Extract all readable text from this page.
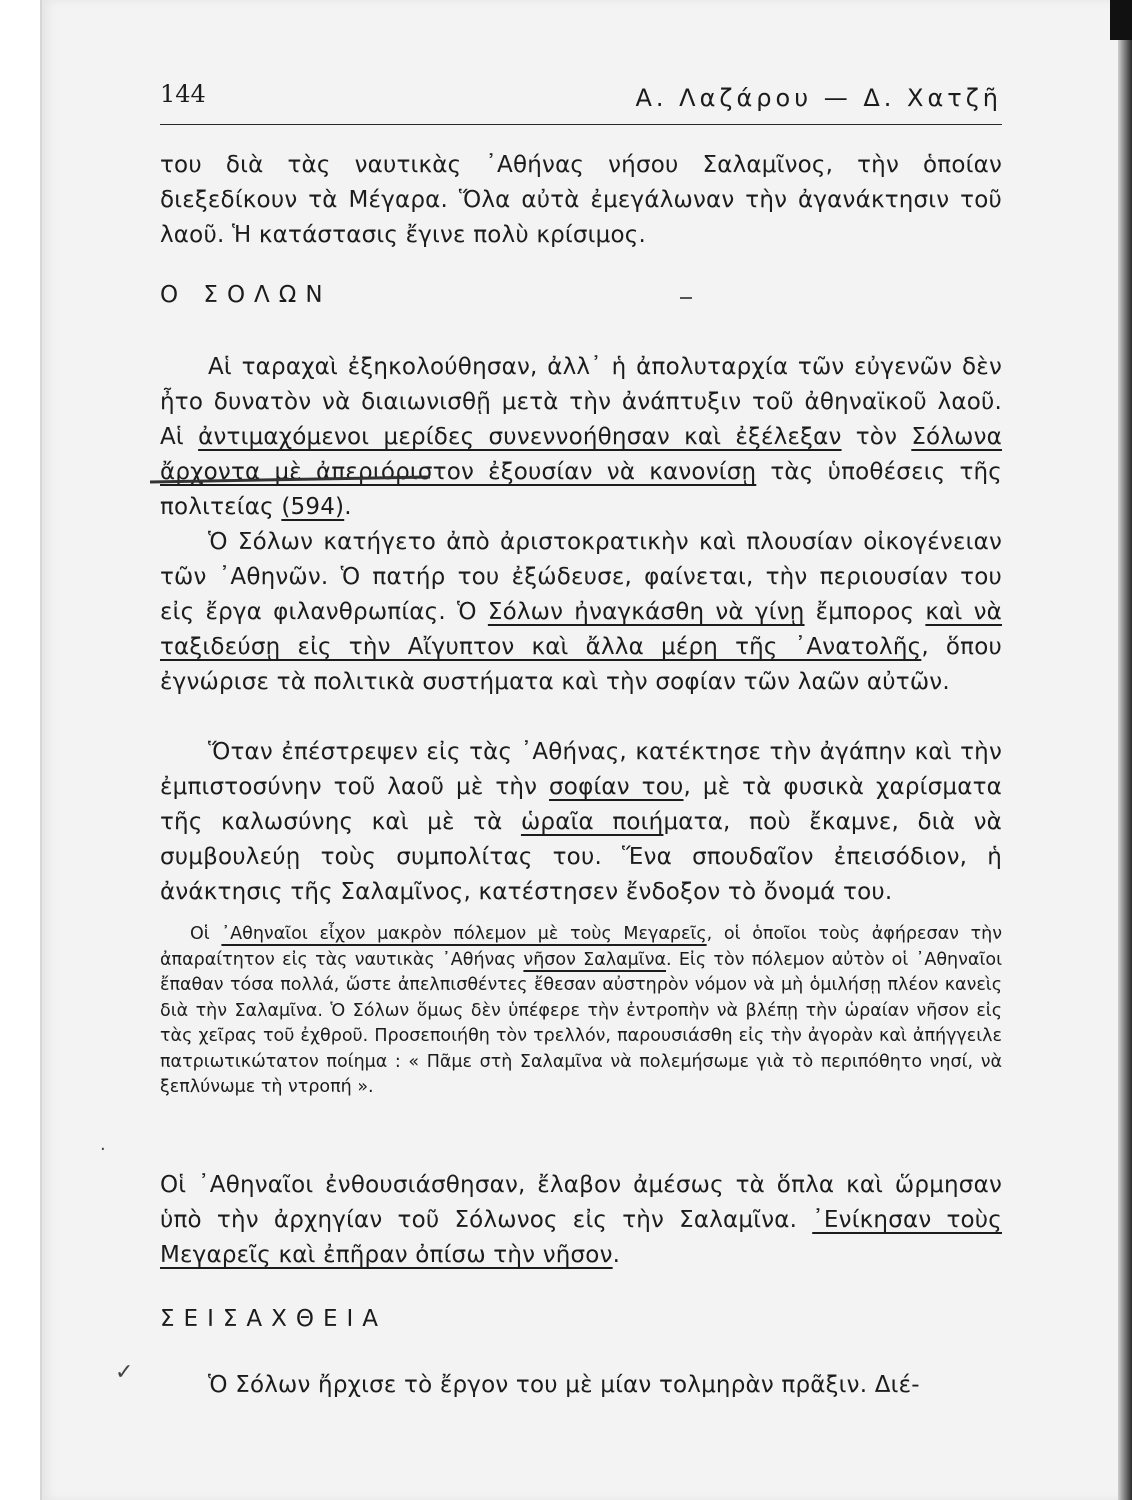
144	Α. Λαζάρου — Δ. Χατζῆ

του διὰ τὰς ναυτικὰς ᾿Αθήνας νήσου Σαλαμῖνος, τὴν ὁποίαν διεξεδίκουν τὰ Μέγαρα. Ὅλα αὐτὰ ἐμεγάλωναν τὴν ἀγανάκτησιν τοῦ λαοῦ. Ἡ κατάστασις ἔγινε πολὺ κρίσιμος.

Ο ΣΟΛΩΝ

Αἱ ταραχαὶ ἐξηκολούθησαν, ἀλλ᾿ ἡ ἀπολυταρχία τῶν εὐγενῶν δὲν ἦτο δυνατὸν νὰ διαιωνισθῇ μετὰ τὴν ἀνάπτυξιν τοῦ ἀθηναϊκοῦ λαοῦ. Αἱ ἀντιμαχόμενοι μερίδες συνεννοήθησαν καὶ ἐξέλεξαν τὸν Σόλωνα ἄρχοντα μὲ ἀπεριόριστον ἐξουσίαν νὰ κανονίσῃ τὰς ὑποθέσεις τῆς πολιτείας (594).

Ὁ Σόλων κατήγετο ἀπὸ ἀριστοκρατικὴν καὶ πλουσίαν οἰκογένειαν τῶν ᾿Αθηνῶν. Ὁ πατήρ του ἐξώδευσε, φαίνεται, τὴν περιουσίαν του εἰς ἔργα φιλανθρωπίας. Ὁ Σόλων ἠναγκάσθη νὰ γίνῃ ἔμπορος καὶ νὰ ταξιδεύσῃ εἰς τὴν Αἴγυπτον καὶ ἄλλα μέρη τῆς ᾿Ανατολῆς, ὅπου ἐγνώρισε τὰ πολιτικὰ συστήματα καὶ τὴν σοφίαν τῶν λαῶν αὐτῶν.

Ὅταν ἐπέστρεψεν εἰς τὰς ᾿Αθήνας, κατέκτησε τὴν ἀγάπην καὶ τὴν ἐμπιστοσύνην τοῦ λαοῦ μὲ τὴν σοφίαν του, μὲ τὰ φυσικὰ χαρίσματα τῆς καλωσύνης καὶ μὲ τὰ ὡραῖα ποιήματα, ποὺ ἔκαμνε, διὰ νὰ συμβουλεύῃ τοὺς συμπολίτας του. Ἕνα σπουδαῖον ἐπεισόδιον, ἡ ἀνάκτησις τῆς Σαλαμῖνος, κατέστησεν ἔνδοξον τὸ ὄνομά του.

Οἱ ᾿Αθηναῖοι εἶχον μακρὸν πόλεμον μὲ τοὺς Μεγαρεῖς, οἱ ὁποῖοι τοὺς ἀφήρεσαν τὴν ἀπαραίτητον εἰς τὰς ναυτικὰς ᾿Αθήνας νῆσον Σαλαμῖνα. Εἰς τὸν πόλεμον αὐτὸν οἱ ᾿Αθηναῖοι ἔπαθαν τόσα πολλά, ὥστε ἀπελπισθέντες ἔθεσαν αὐστηρὸν νόμον νὰ μὴ ὁμιλήσῃ πλέον κανεὶς διὰ τὴν Σαλαμῖνα. Ὁ Σόλων ὅμως δὲν ὑπέφερε τὴν ἐντροπὴν νὰ βλέπῃ τὴν ὡραίαν νῆσον εἰς τὰς χεῖρας τοῦ ἐχθροῦ. Προσεποιήθη τὸν τρελλόν, παρουσιάσθη εἰς τὴν ἀγορὰν καὶ ἀπήγγειλε πατριωτικώτατον ποίημα : « Πᾶμε στὴ Σαλαμῖνα νὰ πολεμήσωμε γιὰ τὸ περιπόθητο νησί, νὰ ξεπλύνωμε τὴ ντροπή ».

.

Οἱ ᾿Αθηναῖοι ἐνθουσιάσθησαν, ἔλαβον ἀμέσως τὰ ὅπλα καὶ ὥρμησαν ὑπὸ τὴν ἀρχηγίαν τοῦ Σόλωνος εἰς τὴν Σαλαμῖνα. ᾿Ενίκησαν τοὺς Μεγαρεῖς καὶ ἐπῆραν ὀπίσω τὴν νῆσον.

ΣΕΙΣΑΧΘΕΙΑ

✓	Ὁ Σόλων ἤρχισε τὸ ἔργον του μὲ μίαν τολμηρὰν πρᾶξιν. Διέ-
